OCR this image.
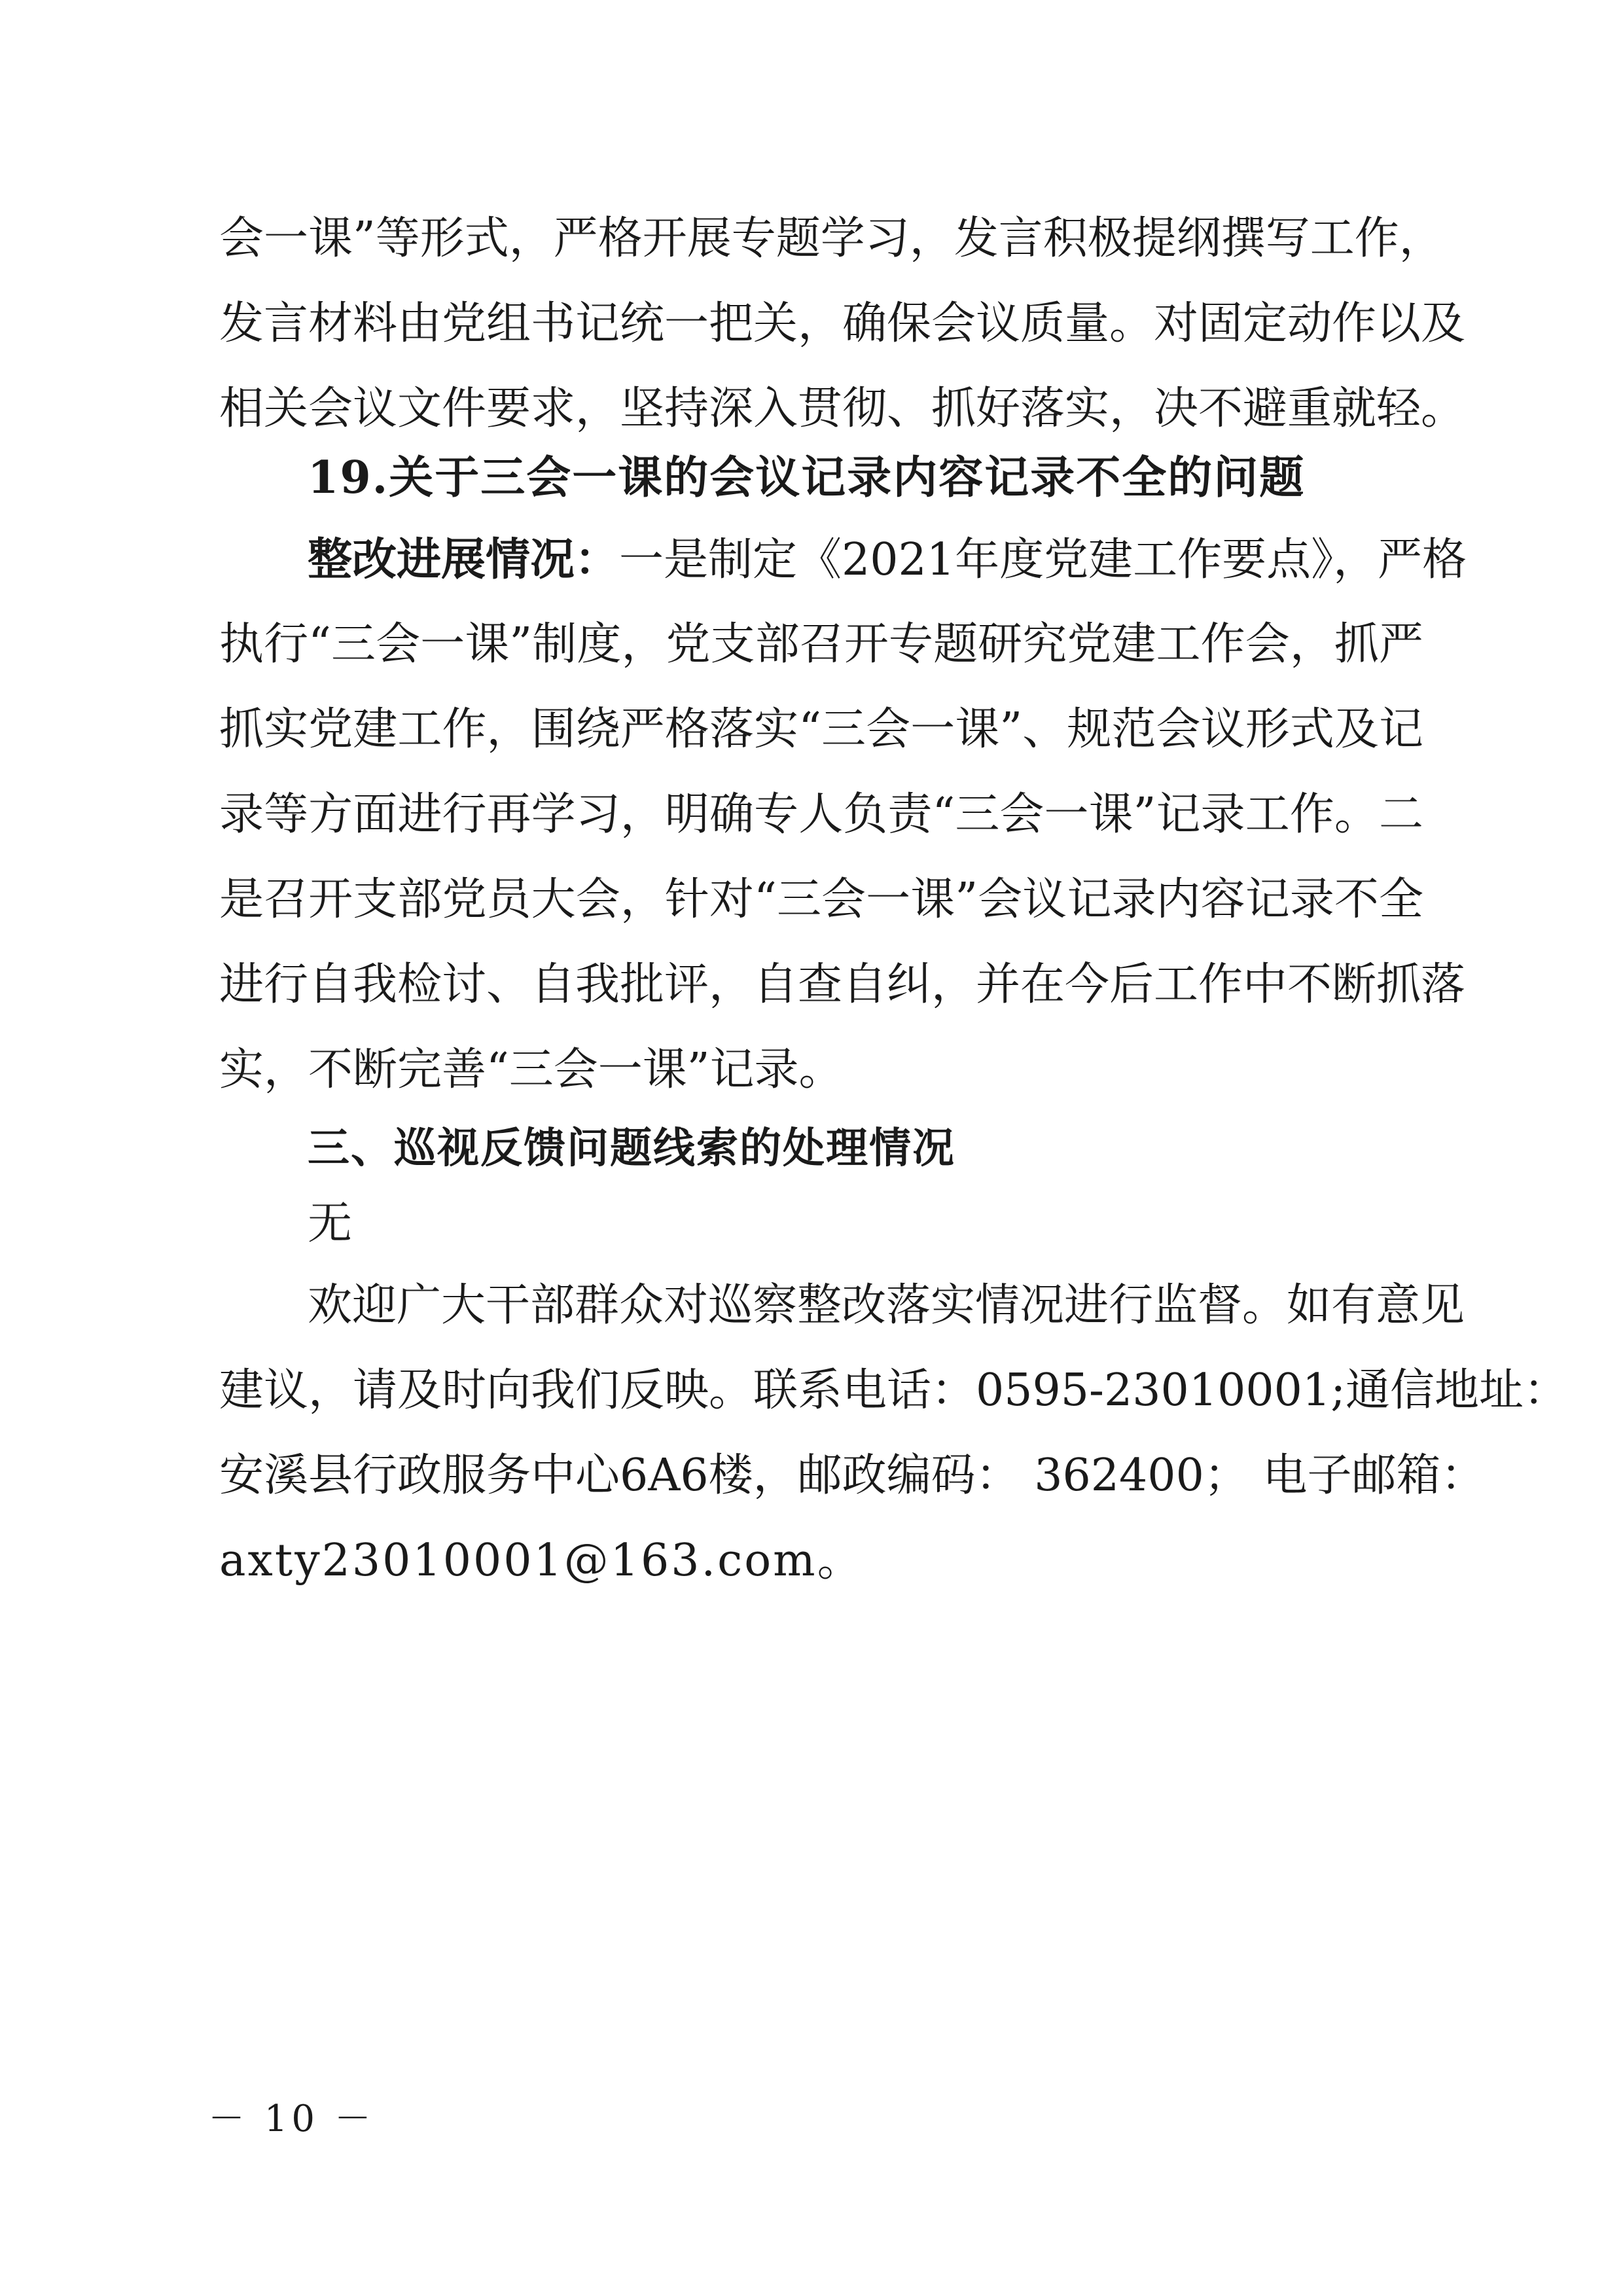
会一课”等形式，严格开展专题学习，发言积极提纲撰写工作，
发言材料由党组书记统一把关，确保会议质量。对固定动作以及
相关会议文件要求，坚持深入贯彻、抓好落实，决不避重就轻。
19.关于三会一课的会议记录内容记录不全的问题
整改进展情况：一是制定《2021年度党建工作要点》，严格
执行“三会一课”制度，党支部召开专题研究党建工作会，抓严
抓实党建工作，围绕严格落实“三会一课”、规范会议形式及记
录等方面进行再学习，明确专人负责“三会一课”记录工作。二
是召开支部党员大会，针对“三会一课”会议记录内容记录不全
进行自我检讨、自我批评，自查自纠，并在今后工作中不断抓落
实，不断完善“三会一课”记录。
三、巡视反馈问题线索的处理情况
无
欢迎广大干部群众对巡察整改落实情况进行监督。如有意见
建议，请及时向我们反映。联系电话：0595-23010001;通信地址：
安溪县行政服务中心6A6楼，邮政编码： 362400； 电子邮箱：
axty23010001@163.com。
－ 10 －
